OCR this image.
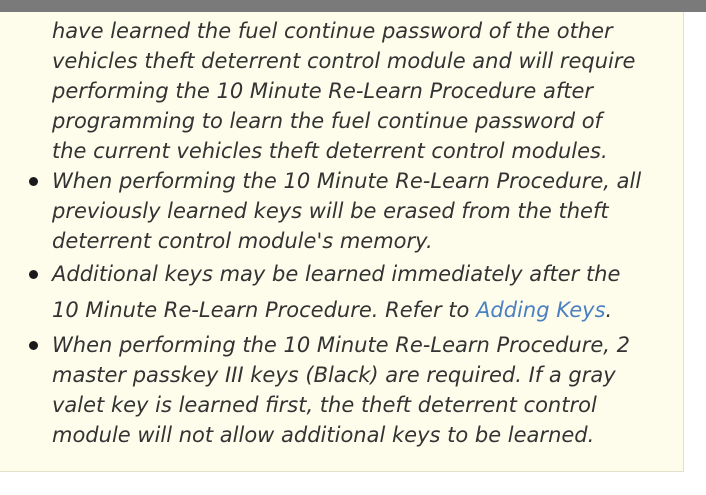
have learned the fuel continue password of the other vehicles theft deterrent control module and will require performing the 10 Minute Re-Learn Procedure after programming to learn the fuel continue password of the current vehicles theft deterrent control modules.
When performing the 10 Minute Re-Learn Procedure, all previously learned keys will be erased from the theft deterrent control module's memory.
Additional keys may be learned immediately after the 10 Minute Re-Learn Procedure. Refer to Adding Keys.
When performing the 10 Minute Re-Learn Procedure, 2 master passkey III keys (Black) are required. If a gray valet key is learned first, the theft deterrent control module will not allow additional keys to be learned.
